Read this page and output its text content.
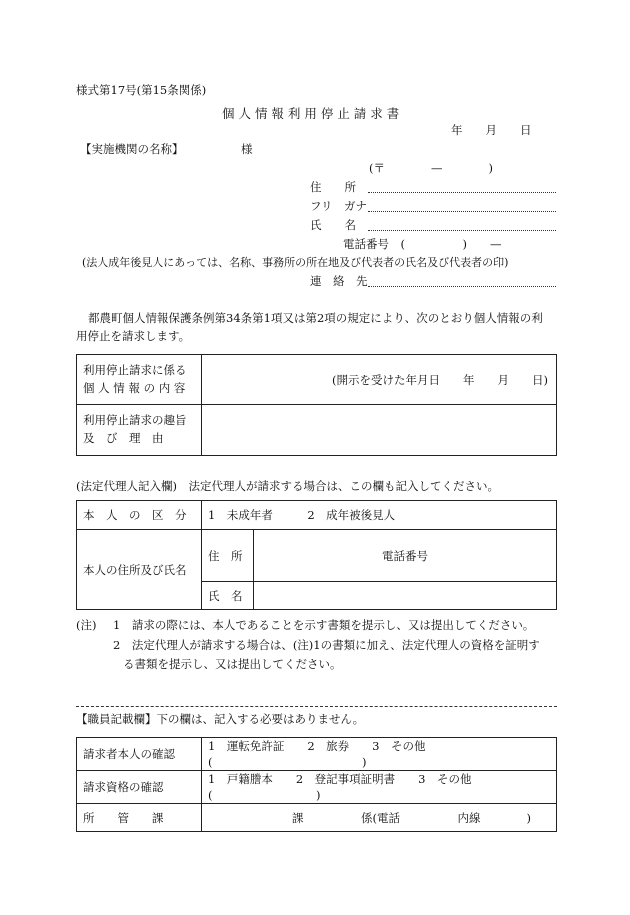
様式第17号(第15条関係)
個 人 情 報 利 用 停 止 請 求 書
年　　月　　日
【実施機関の名称】	様
(〒　　　　—　　　　)
住　　所
フリ　ガナ
氏　　名
電話番号　(　　　　　)　　—
(法人成年後見人にあっては、名称、事務所の所在地及び代表者の氏名及び代表者の印)
連　絡　先
都農町個人情報保護条例第34条第1項又は第2項の規定により、次のとおり個人情報の利
用停止を請求します。
利用停止請求に係る
個 人 情 報 の 内 容	(開示を受けた年月日　　年　　月　　日)

利用停止請求の趣旨
及　び　理　由	

(法定代理人記入欄)　法定代理人が請求する場合は、この欄も記入してください。
本　人　の　区　分	1　未成年者　　　2　成年被後見人	
本人の住所及び氏名	住　所	電話番号
	氏　名	
(注) 1　請求の際には、本人であることを示す書類を提示し、又は提出してください。
2　法定代理人が請求する場合は、(注)1の書類に加え、法定代理人の資格を証明す
る書類を提示し、又は提出してください。
【職員記載欄】下の欄は、記入する必要はありません。
請求者本人の確認	1　運転免許証　　2　旅券　　3　その他(　　　　　　　　　　　　　)
請求資格の確認	1　戸籍謄本　　2　登記事項証明書　　3　その他(　　　　　　　　　)
所　　管　　課	課　　　　　係(電話　　　　　内線　　　　)
